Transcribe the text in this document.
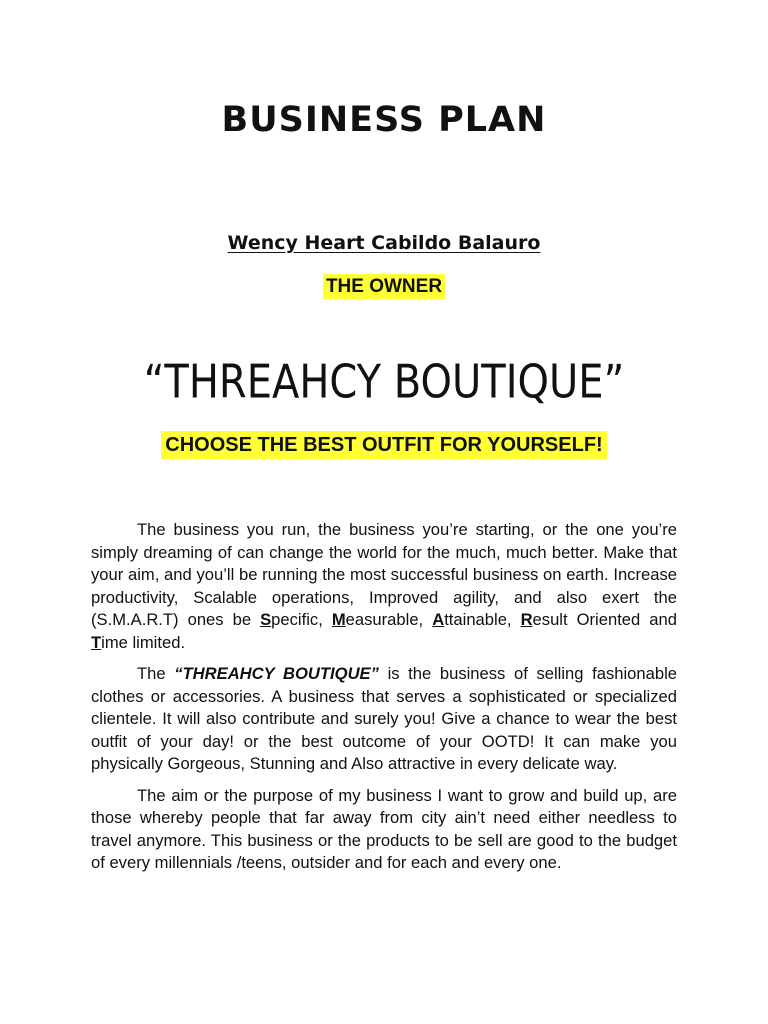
BUSINESS PLAN

Wency Heart Cabildo Balauro

THE OWNER

“THREAHCY BOUTIQUE”

CHOOSE THE BEST OUTFIT FOR YOURSELF!

The business you run, the business you’re starting, or the one you’re simply dreaming of can change the world for the much, much better. Make that your aim, and you’ll be running the most successful business on earth. Increase productivity, Scalable operations, Improved agility, and also exert the (S.M.A.R.T) ones be Specific, Measurable, Attainable, Result Oriented and Time limited.

The “THREAHCY BOUTIQUE” is the business of selling fashionable clothes or accessories. A business that serves a sophisticated or specialized clientele. It will also contribute and surely you! Give a chance to wear the best outfit of your day! or the best outcome of your OOTD! It can make you physically Gorgeous, Stunning and Also attractive in every delicate way.

The aim or the purpose of my business I want to grow and build up, are those whereby people that far away from city ain’t need either needless to travel anymore. This business or the products to be sell are good to the budget of every millennials /teens, outsider and for each and every one.
